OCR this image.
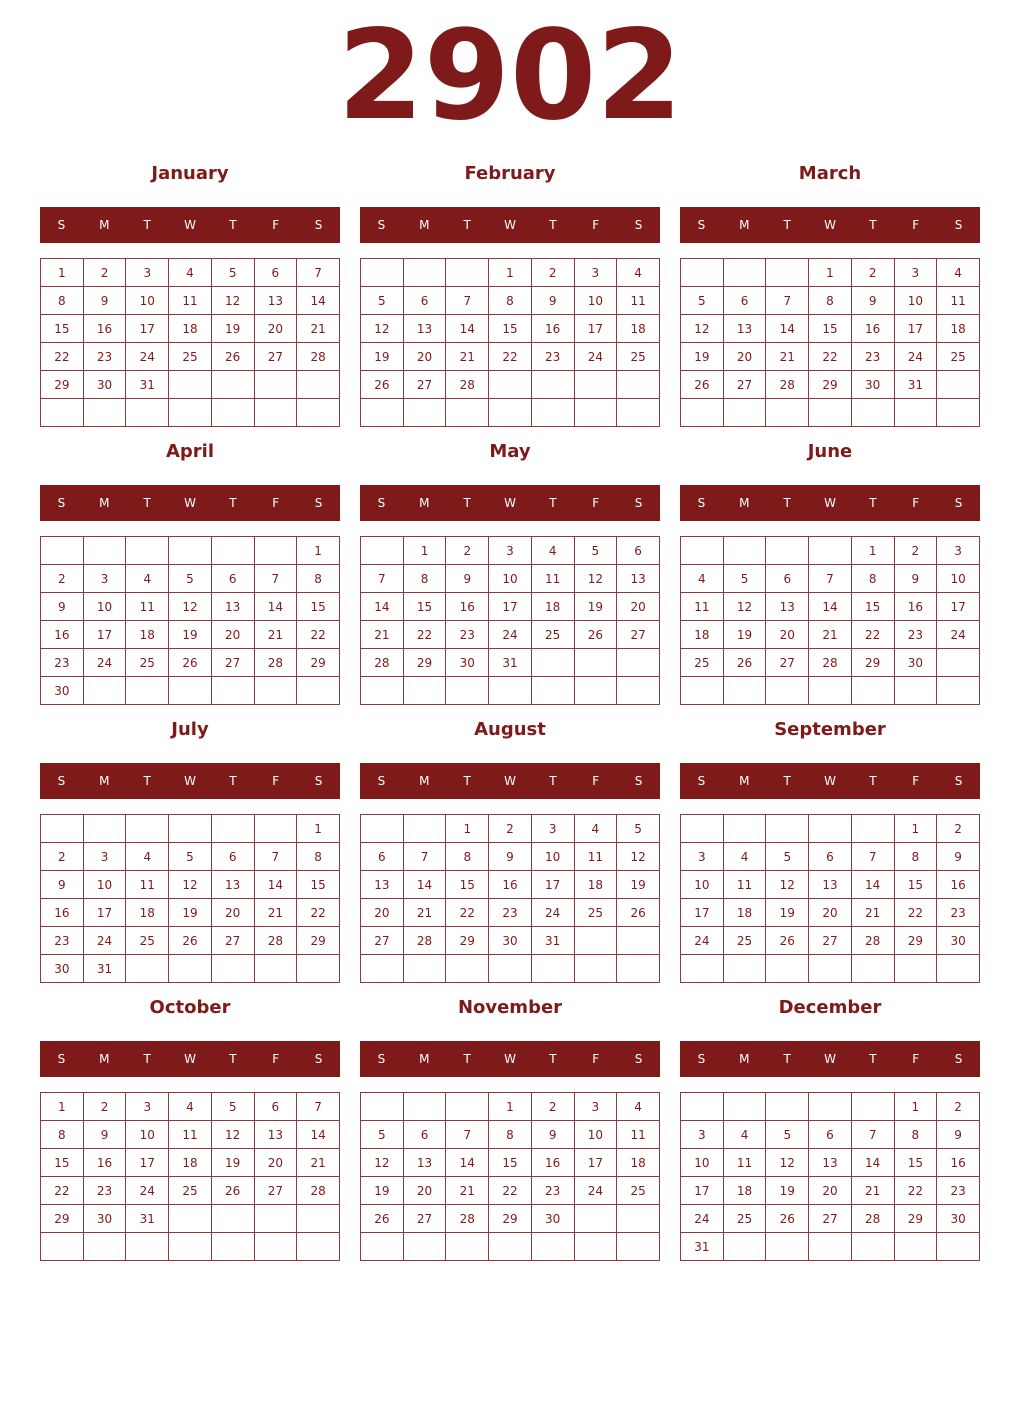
2902
January
S	M	T	W	T	F	S
1	2	3	4	5	6	7
8	9	10	11	12	13	14
15	16	17	18	19	20	21
22	23	24	25	26	27	28
29	30	31				

February
S	M	T	W	T	F	S
			1	2	3	4
5	6	7	8	9	10	11
12	13	14	15	16	17	18
19	20	21	22	23	24	25
26	27	28				

March
S	M	T	W	T	F	S
			1	2	3	4
5	6	7	8	9	10	11
12	13	14	15	16	17	18
19	20	21	22	23	24	25
26	27	28	29	30	31	

April
S	M	T	W	T	F	S
						1
2	3	4	5	6	7	8
9	10	11	12	13	14	15
16	17	18	19	20	21	22
23	24	25	26	27	28	29
30						
May
S	M	T	W	T	F	S
	1	2	3	4	5	6
7	8	9	10	11	12	13
14	15	16	17	18	19	20
21	22	23	24	25	26	27
28	29	30	31			

June
S	M	T	W	T	F	S
				1	2	3
4	5	6	7	8	9	10
11	12	13	14	15	16	17
18	19	20	21	22	23	24
25	26	27	28	29	30	

July
S	M	T	W	T	F	S
						1
2	3	4	5	6	7	8
9	10	11	12	13	14	15
16	17	18	19	20	21	22
23	24	25	26	27	28	29
30	31					
August
S	M	T	W	T	F	S
		1	2	3	4	5
6	7	8	9	10	11	12
13	14	15	16	17	18	19
20	21	22	23	24	25	26
27	28	29	30	31		

September
S	M	T	W	T	F	S
					1	2
3	4	5	6	7	8	9
10	11	12	13	14	15	16
17	18	19	20	21	22	23
24	25	26	27	28	29	30

October
S	M	T	W	T	F	S
1	2	3	4	5	6	7
8	9	10	11	12	13	14
15	16	17	18	19	20	21
22	23	24	25	26	27	28
29	30	31				

November
S	M	T	W	T	F	S
			1	2	3	4
5	6	7	8	9	10	11
12	13	14	15	16	17	18
19	20	21	22	23	24	25
26	27	28	29	30		

December
S	M	T	W	T	F	S
					1	2
3	4	5	6	7	8	9
10	11	12	13	14	15	16
17	18	19	20	21	22	23
24	25	26	27	28	29	30
31						
